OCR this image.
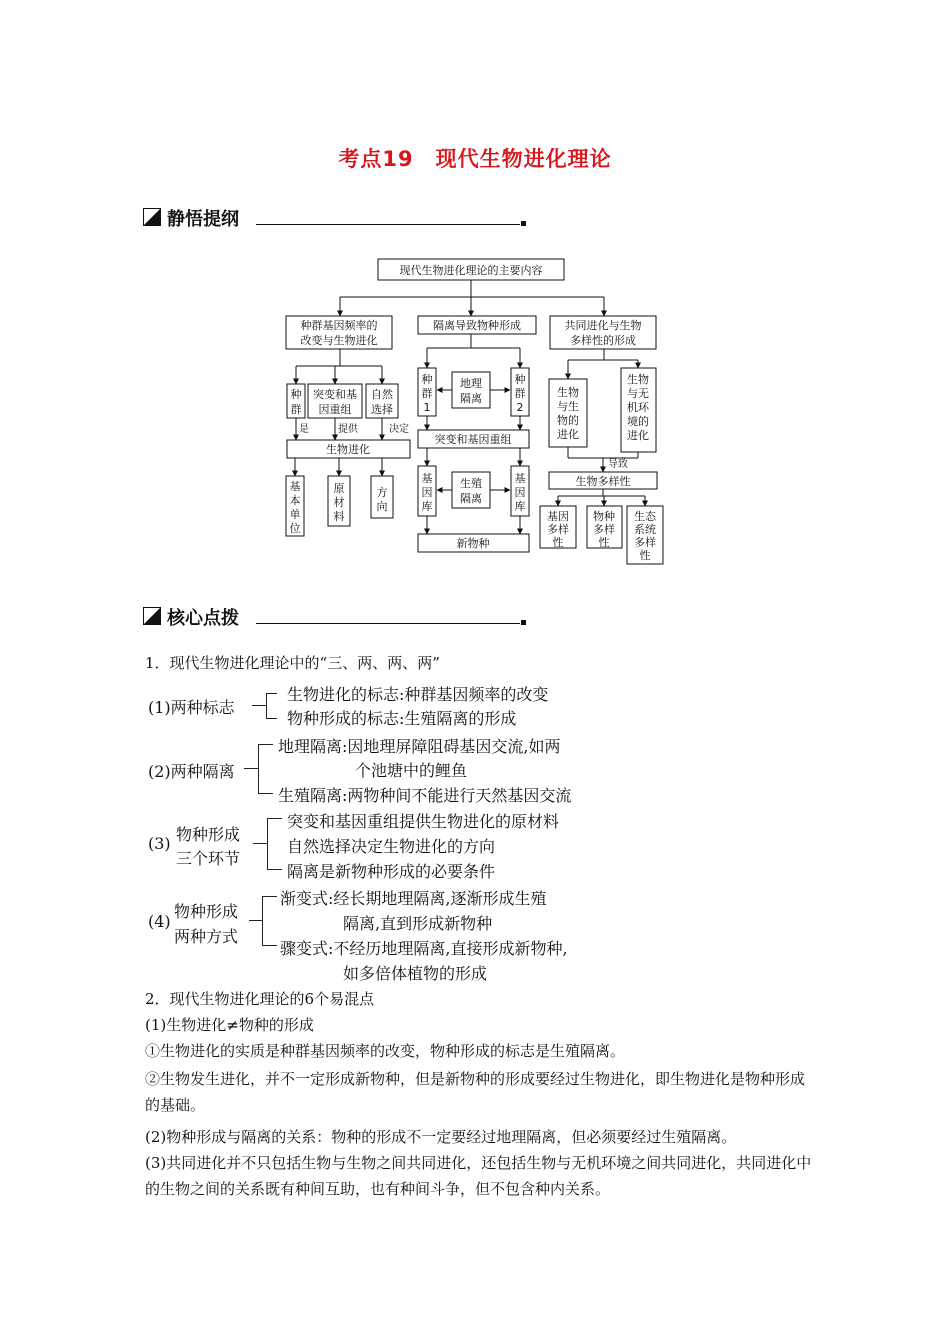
考点19　现代生物进化理论
静悟提纲
现代生物进化理论的主要内容
种群基因频率的
改变与生物进化
隔离导致物种形成	共同进化与生物
多样性的形成
种
群
突变和基
因重组
自然
选择
是	提供	决定
生物进化
基
本
单
位
原
材
料
方
向
种
群
1
地理
隔离
种
群
2
突变和基因重组
基
因
库
生殖
隔离
基
因
库
新物种
生物
与生
物的
进化
生物
与无
机环
境的
进化
导致
生物多样性
基因
多样
性
物种
多样
性
生态
系统
多样
性
核心点拨
1．现代生物进化理论中的“三、两、两、两”
(1)两种标志
生物进化的标志:种群基因频率的改变
物种形成的标志:生殖隔离的形成
(2)两种隔离
地理隔离:因地理屏障阻碍基因交流,如两
个池塘中的鲤鱼
生殖隔离:两物种间不能进行天然基因交流
(3) 物种形成
三个环节
突变和基因重组提供生物进化的原材料
自然选择决定生物进化的方向
隔离是新物种形成的必要条件
(4)
物种形成
两种方式
渐变式:经长期地理隔离,逐渐形成生殖
隔离,直到形成新物种
骤变式:不经历地理隔离,直接形成新物种,
如多倍体植物的形成
2．现代生物进化理论的6个易混点
(1)生物进化≠物种的形成
①生物进化的实质是种群基因频率的改变，物种形成的标志是生殖隔离。
②生物发生进化，并不一定形成新物种，但是新物种的形成要经过生物进化，即生物进化是物种形成的基础。
(2)物种形成与隔离的关系：物种的形成不一定要经过地理隔离，但必须要经过生殖隔离。
(3)共同进化并不只包括生物与生物之间共同进化，还包括生物与无机环境之间共同进化，共同进化中的生物之间的关系既有种间互助，也有种间斗争，但不包含种内关系。
